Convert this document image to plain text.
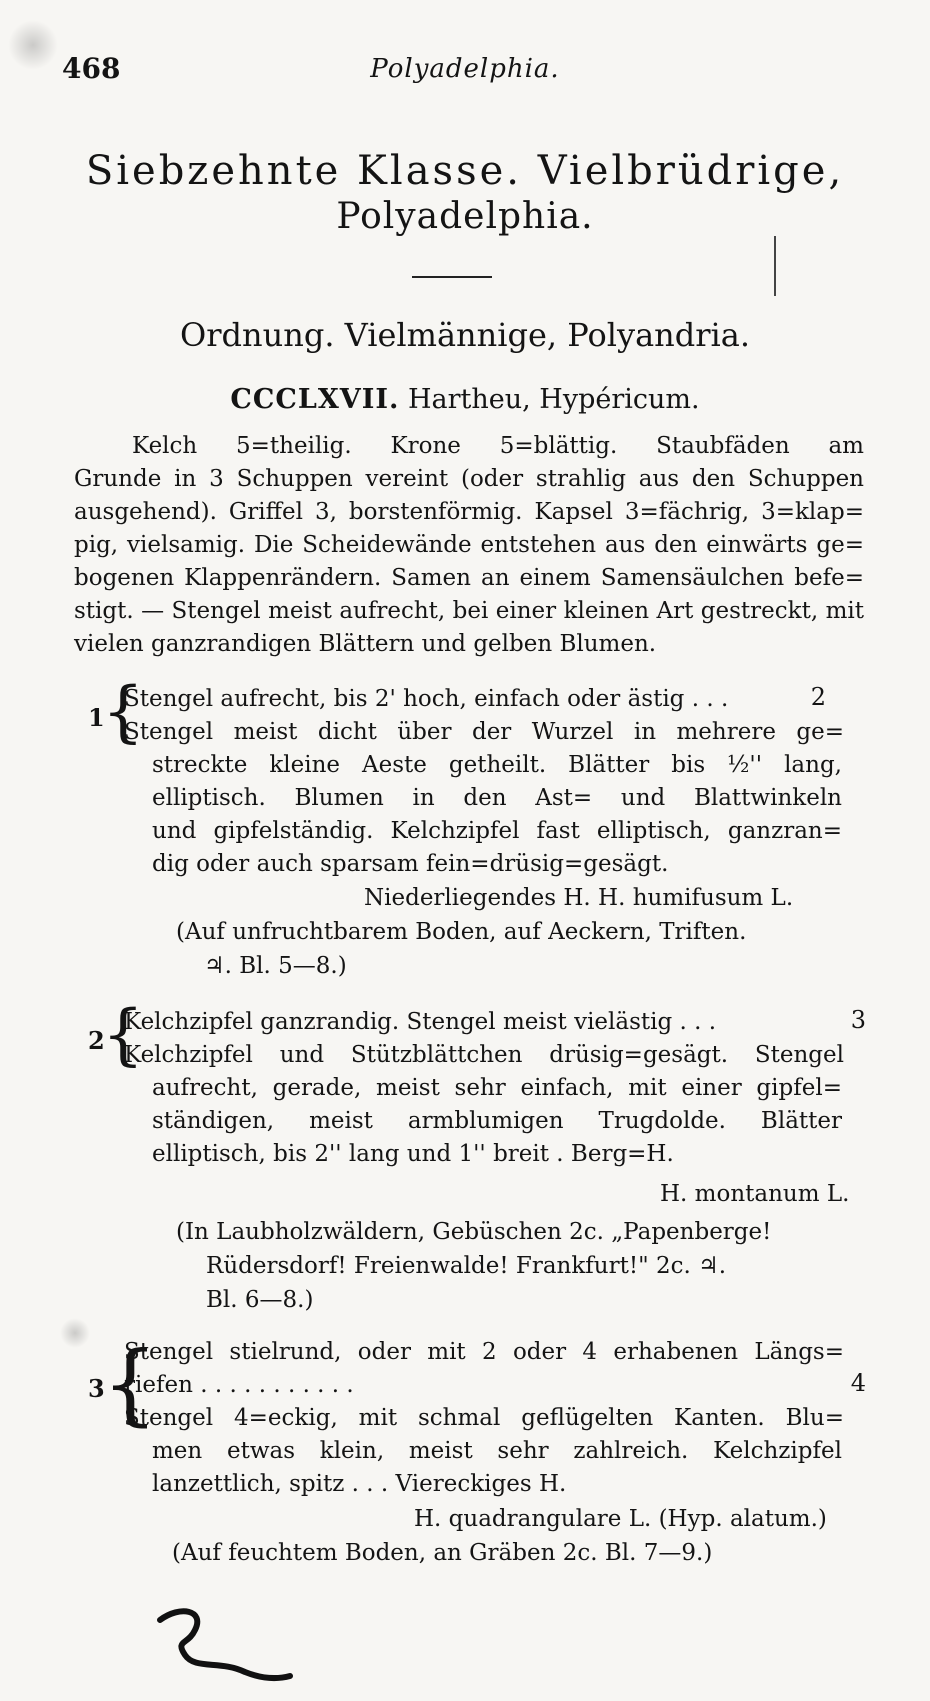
468	Polyadelphia.
Siebzehnte Klasse. Vielbrüdrige,
Polyadelphia.
Ordnung. Vielmännige, Polyandria.
CCCLXVII. Hartheu, Hypéricum.
Kelch 5=theilig. Krone 5=blättig. Staubfäden am
Grunde in 3 Schuppen vereint (oder strahlig aus den Schuppen
ausgehend). Griffel 3, borstenförmig. Kapsel 3=fächrig, 3=klap=
pig, vielsamig. Die Scheidewände entstehen aus den einwärts ge=
bogenen Klappenrändern. Samen an einem Samensäulchen befe=
stigt. — Stengel meist aufrecht, bei einer kleinen Art gestreckt, mit
vielen ganzrandigen Blättern und gelben Blumen.
1
{
Stengel aufrecht, bis 2' hoch, einfach oder ästig . . .	2
Stengel meist dicht über der Wurzel in mehrere ge=
streckte kleine Aeste getheilt. Blätter bis ½'' lang,
elliptisch. Blumen in den Ast= und Blattwinkeln
und gipfelständig. Kelchzipfel fast elliptisch, ganzran=
dig oder auch sparsam fein=drüsig=gesägt.
Niederliegendes H. H. humifusum L.
(Auf unfruchtbarem Boden, auf Aeckern, Triften.
♃. Bl. 5—8.)
2
{
Kelchzipfel ganzrandig. Stengel meist vielästig . . .	3
Kelchzipfel und Stützblättchen drüsig=gesägt. Stengel
aufrecht, gerade, meist sehr einfach, mit einer gipfel=
ständigen, meist armblumigen Trugdolde. Blätter
elliptisch, bis 2'' lang und 1'' breit . Berg=H.
H. montanum L.
(In Laubholzwäldern, Gebüschen 2c. „Papenberge!
Rüdersdorf! Freienwalde! Frankfurt!" 2c. ♃.
Bl. 6—8.)
3
{
Stengel stielrund, oder mit 2 oder 4 erhabenen Längs=
riefen . . . . . . . . . . .	4
Stengel 4=eckig, mit schmal geflügelten Kanten. Blu=
men etwas klein, meist sehr zahlreich. Kelchzipfel
lanzettlich, spitz . . . Viereckiges H.
H. quadrangulare L. (Hyp. alatum.)
(Auf feuchtem Boden, an Gräben 2c. Bl. 7—9.)
